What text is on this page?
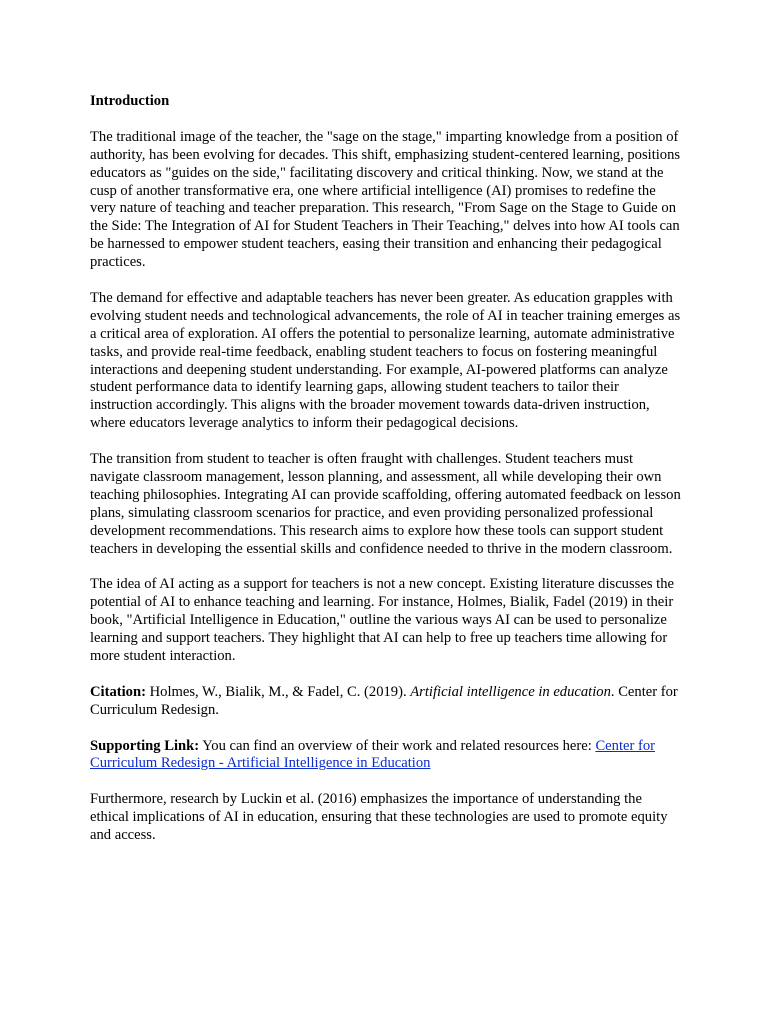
Introduction

The traditional image of the teacher, the "sage on the stage," imparting knowledge from a position of authority, has been evolving for decades. This shift, emphasizing student-centered learning, positions educators as "guides on the side," facilitating discovery and critical thinking. Now, we stand at the cusp of another transformative era, one where artificial intelligence (AI) promises to redefine the very nature of teaching and teacher preparation. This research, "From Sage on the Stage to Guide on the Side: The Integration of AI for Student Teachers in Their Teaching," delves into how AI tools can be harnessed to empower student teachers, easing their transition and enhancing their pedagogical practices.

The demand for effective and adaptable teachers has never been greater. As education grapples with evolving student needs and technological advancements, the role of AI in teacher training emerges as a critical area of exploration. AI offers the potential to personalize learning, automate administrative tasks, and provide real-time feedback, enabling student teachers to focus on fostering meaningful interactions and deepening student understanding. For example, AI-powered platforms can analyze student performance data to identify learning gaps, allowing student teachers to tailor their instruction accordingly. This aligns with the broader movement towards data-driven instruction, where educators leverage analytics to inform their pedagogical decisions.

The transition from student to teacher is often fraught with challenges. Student teachers must navigate classroom management, lesson planning, and assessment, all while developing their own teaching philosophies. Integrating AI can provide scaffolding, offering automated feedback on lesson plans, simulating classroom scenarios for practice, and even providing personalized professional development recommendations. This research aims to explore how these tools can support student teachers in developing the essential skills and confidence needed to thrive in the modern classroom.

The idea of AI acting as a support for teachers is not a new concept. Existing literature discusses the potential of AI to enhance teaching and learning. For instance, Holmes, Bialik, Fadel (2019) in their book, "Artificial Intelligence in Education," outline the various ways AI can be used to personalize learning and support teachers. They highlight that AI can help to free up teachers time allowing for more student interaction.

Citation: Holmes, W., Bialik, M., & Fadel, C. (2019). Artificial intelligence in education. Center for Curriculum Redesign.

Supporting Link: You can find an overview of their work and related resources here: Center for Curriculum Redesign - Artificial Intelligence in Education

Furthermore, research by Luckin et al. (2016) emphasizes the importance of understanding the ethical implications of AI in education, ensuring that these technologies are used to promote equity and access.
